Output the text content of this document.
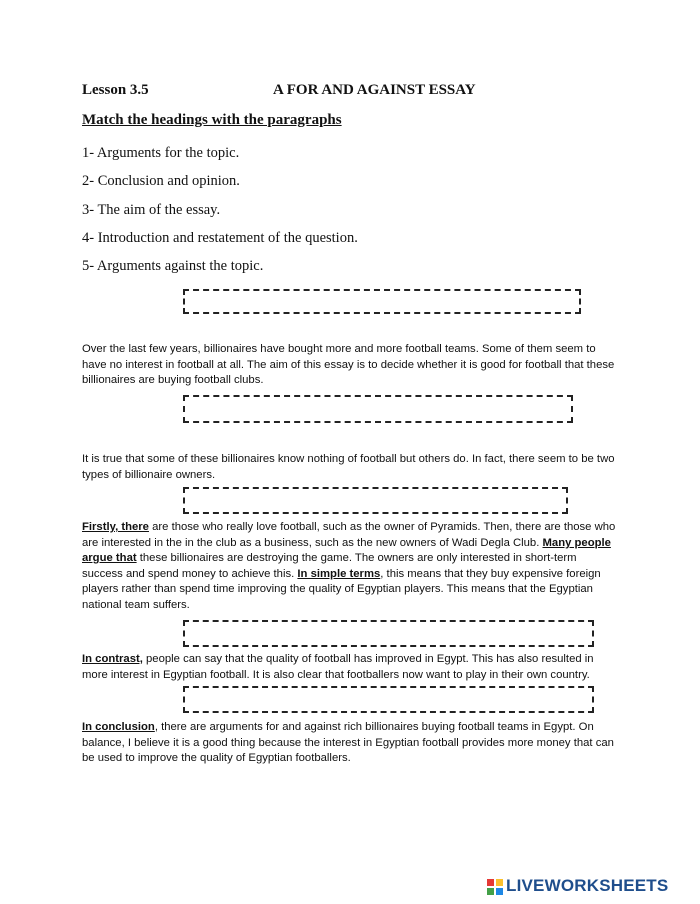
Lesson 3.5	A FOR AND AGAINST ESSAY
Match the headings with the paragraphs
1- Arguments for the topic.
2- Conclusion and opinion.
3- The aim of the essay.
4- Introduction and restatement of the question.
5- Arguments against the topic.
Over the last few years, billionaires have bought more and more football teams. Some of them seem to have no interest in football at all. The aim of this essay is to decide whether it is good for football that these billionaires are buying football clubs.
It is true that some of these billionaires know nothing of football but others do. In fact, there seem to be two types of billionaire owners.
Firstly, there are those who really love football, such as the owner of Pyramids. Then, there are those who are interested in the in the club as a business, such as the new owners of Wadi Degla Club. Many people argue that these billionaires are destroying the game. The owners are only interested in short-term success and spend money to achieve this. In simple terms, this means that they buy expensive foreign players rather than spend time improving the quality of Egyptian players. This means that the Egyptian national team suffers.
In contrast, people can say that the quality of football has improved in Egypt. This has also resulted in more interest in Egyptian football. It is also clear that footballers now want to play in their own country.
In conclusion, there are arguments for and against rich billionaires buying football teams in Egypt. On balance, I believe it is a good thing because the interest in Egyptian football provides more money that can be used to improve the quality of Egyptian footballers.
LIVEWORKSHEETS
